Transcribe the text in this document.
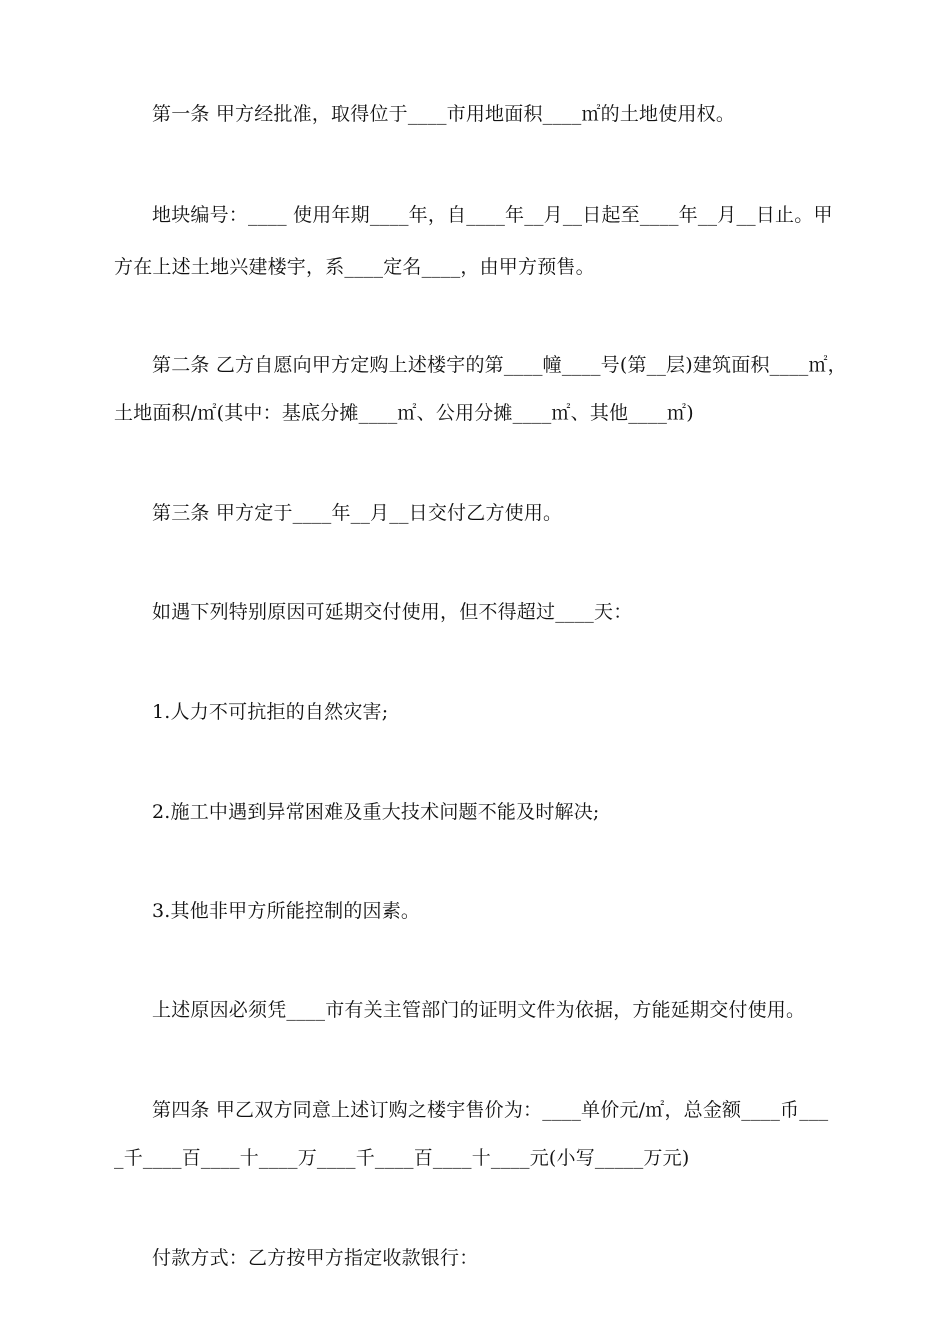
第一条 甲方经批准，取得位于____市用地面积____㎡的土地使用权。

地块编号：____ 使用年期____年，自____年__月__日起至____年__月__日止。甲

方在上述土地兴建楼宇，系____定名____，由甲方预售。

第二条 乙方自愿向甲方定购上述楼宇的第____幢____号(第__层)建筑面积____㎡，

土地面积/㎡(其中：基底分摊____㎡、公用分摊____㎡、其他____㎡)

第三条 甲方定于____年__月__日交付乙方使用。

如遇下列特别原因可延期交付使用，但不得超过____天：

1.人力不可抗拒的自然灾害;

2.施工中遇到异常困难及重大技术问题不能及时解决;

3.其他非甲方所能控制的因素。

上述原因必须凭____市有关主管部门的证明文件为依据，方能延期交付使用。

第四条 甲乙双方同意上述订购之楼宇售价为：____单价元/㎡，总金额____币___

_千____百____十____万____千____百____十____元(小写_____万元)

付款方式：乙方按甲方指定收款银行：
